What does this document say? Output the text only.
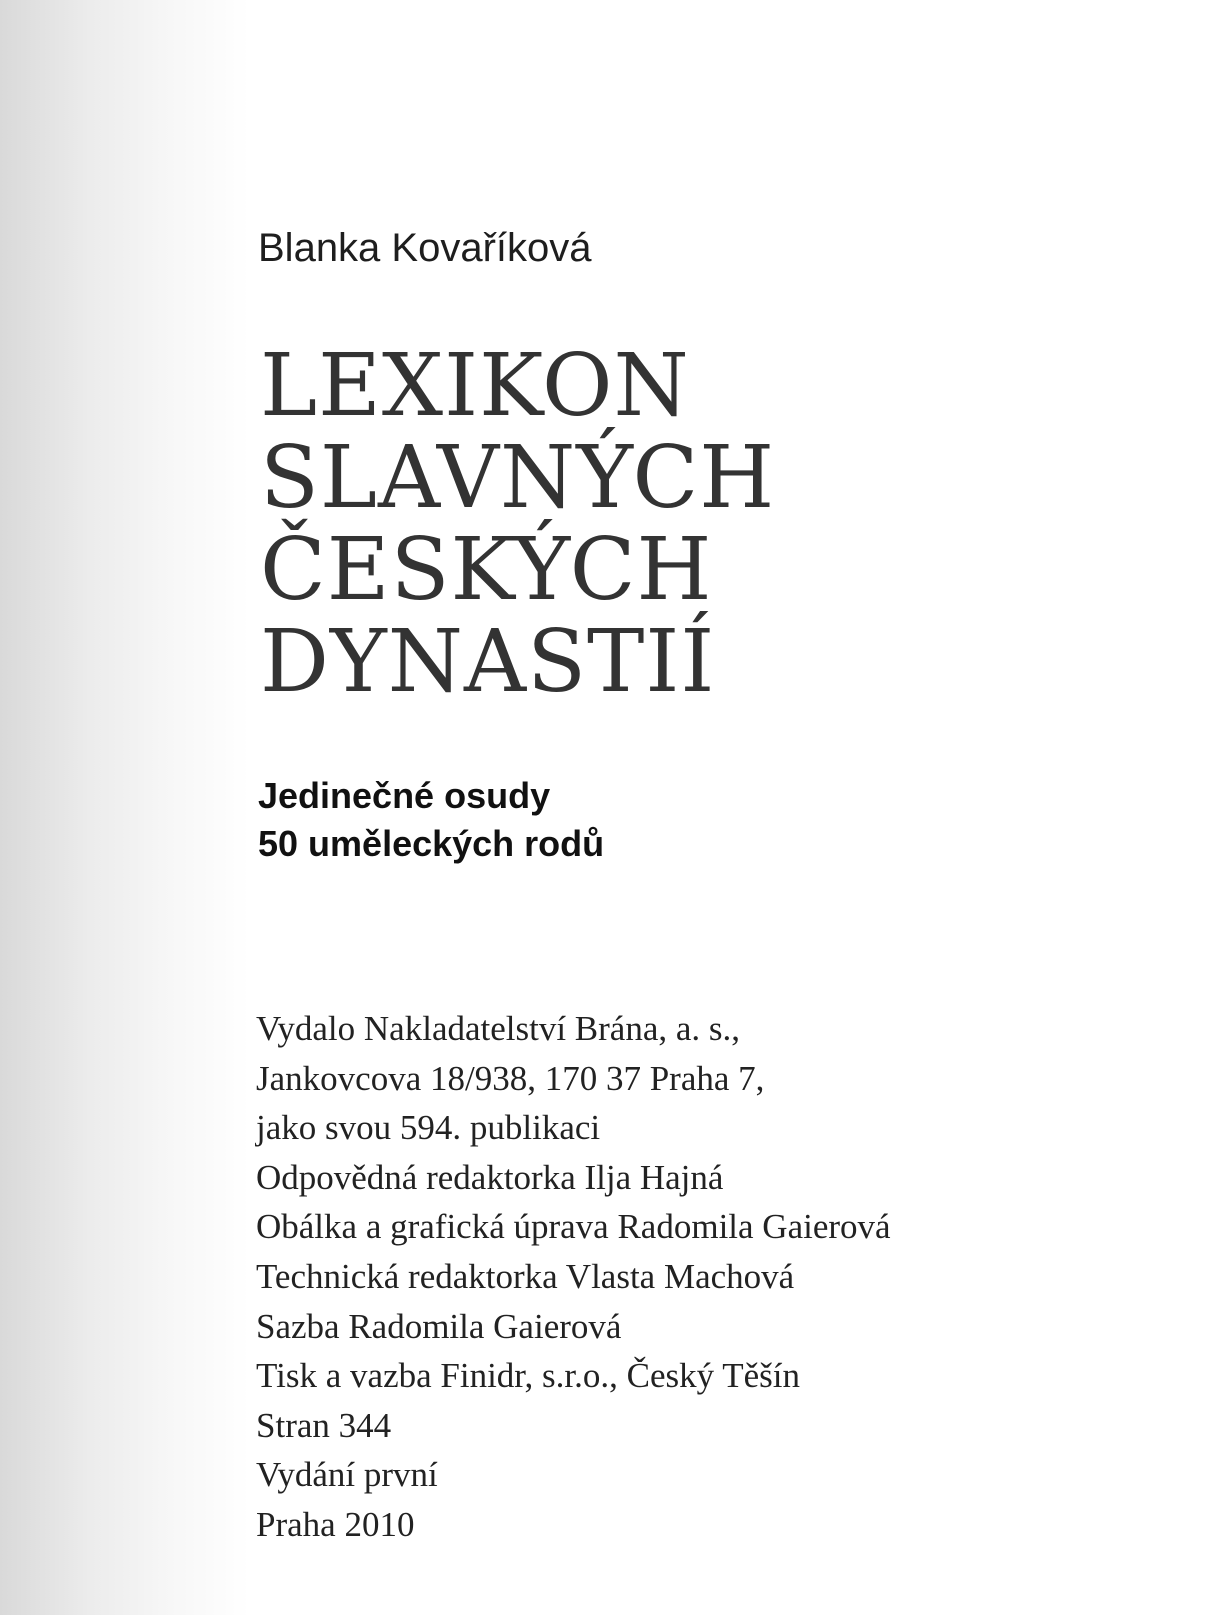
Blanka Kovaříková
LEXIKON
SLAVNÝCH
ČESKÝCH
DYNASTIÍ
Jedinečné osudy
50 uměleckých rodů
Vydalo Nakladatelství Brána, a. s.,
Jankovcova 18/938, 170 37 Praha 7,
jako svou 594. publikaci
Odpovědná redaktorka Ilja Hajná
Obálka a grafická úprava Radomila Gaierová
Technická redaktorka Vlasta Machová
Sazba Radomila Gaierová
Tisk a vazba Finidr, s.r.o., Český Těšín
Stran 344
Vydání první
Praha 2010
